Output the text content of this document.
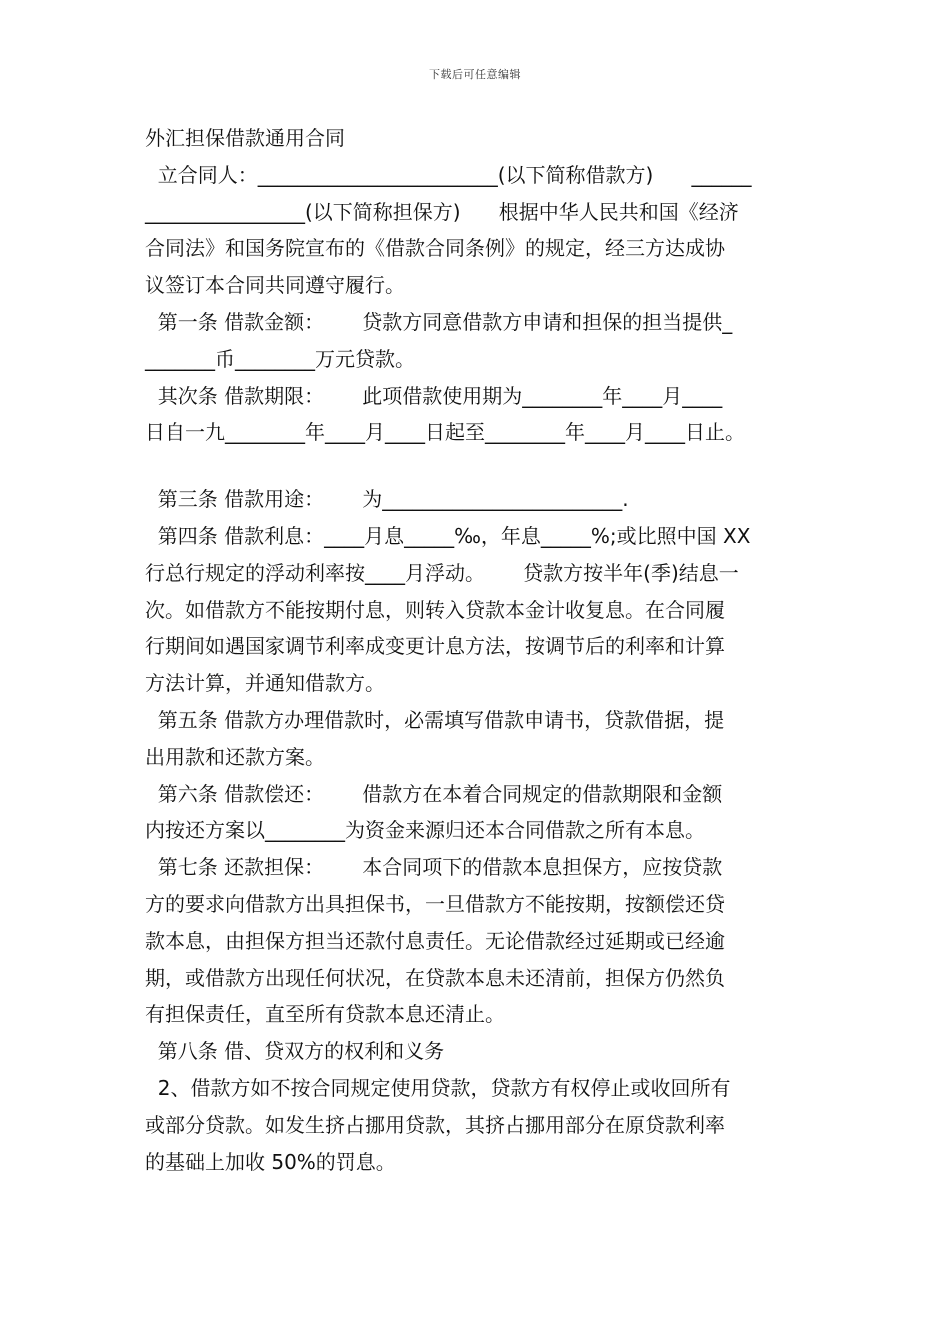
下载后可任意编辑
外汇担保借款通用合同
立合同人：________________________(以下简称借款方)      ______
________________(以下简称担保方)      根据中华人民共和国《经济
合同法》和国务院宣布的《借款合同条例》的规定，经三方达成协
议签订本合同共同遵守履行。
第一条 借款金额：      贷款方同意借款方申请和担保的担当提供_
_______币________万元贷款。
其次条 借款期限：      此项借款使用期为________年____月____
日自一九________年____月____日起至________年____月____日止。
第三条 借款用途：      为________________________.
第四条 借款利息：____月息_____‰，年息_____%;或比照中国 XX
行总行规定的浮动利率按____月浮动。      贷款方按半年(季)结息一
次。如借款方不能按期付息，则转入贷款本金计收复息。在合同履
行期间如遇国家调节利率成变更计息方法，按调节后的利率和计算
方法计算，并通知借款方。
第五条 借款方办理借款时，必需填写借款申请书，贷款借据，提
出用款和还款方案。
第六条 借款偿还：      借款方在本着合同规定的借款期限和金额
内按还方案以________为资金来源归还本合同借款之所有本息。
第七条 还款担保：      本合同项下的借款本息担保方，应按贷款
方的要求向借款方出具担保书，一旦借款方不能按期，按额偿还贷
款本息，由担保方担当还款付息责任。无论借款经过延期或已经逾
期，或借款方出现任何状况，在贷款本息未还清前，担保方仍然负
有担保责任，直至所有贷款本息还清止。
第八条 借、贷双方的权利和义务
2、借款方如不按合同规定使用贷款，贷款方有权停止或收回所有
或部分贷款。如发生挤占挪用贷款，其挤占挪用部分在原贷款利率
的基础上加收 50%的罚息。
